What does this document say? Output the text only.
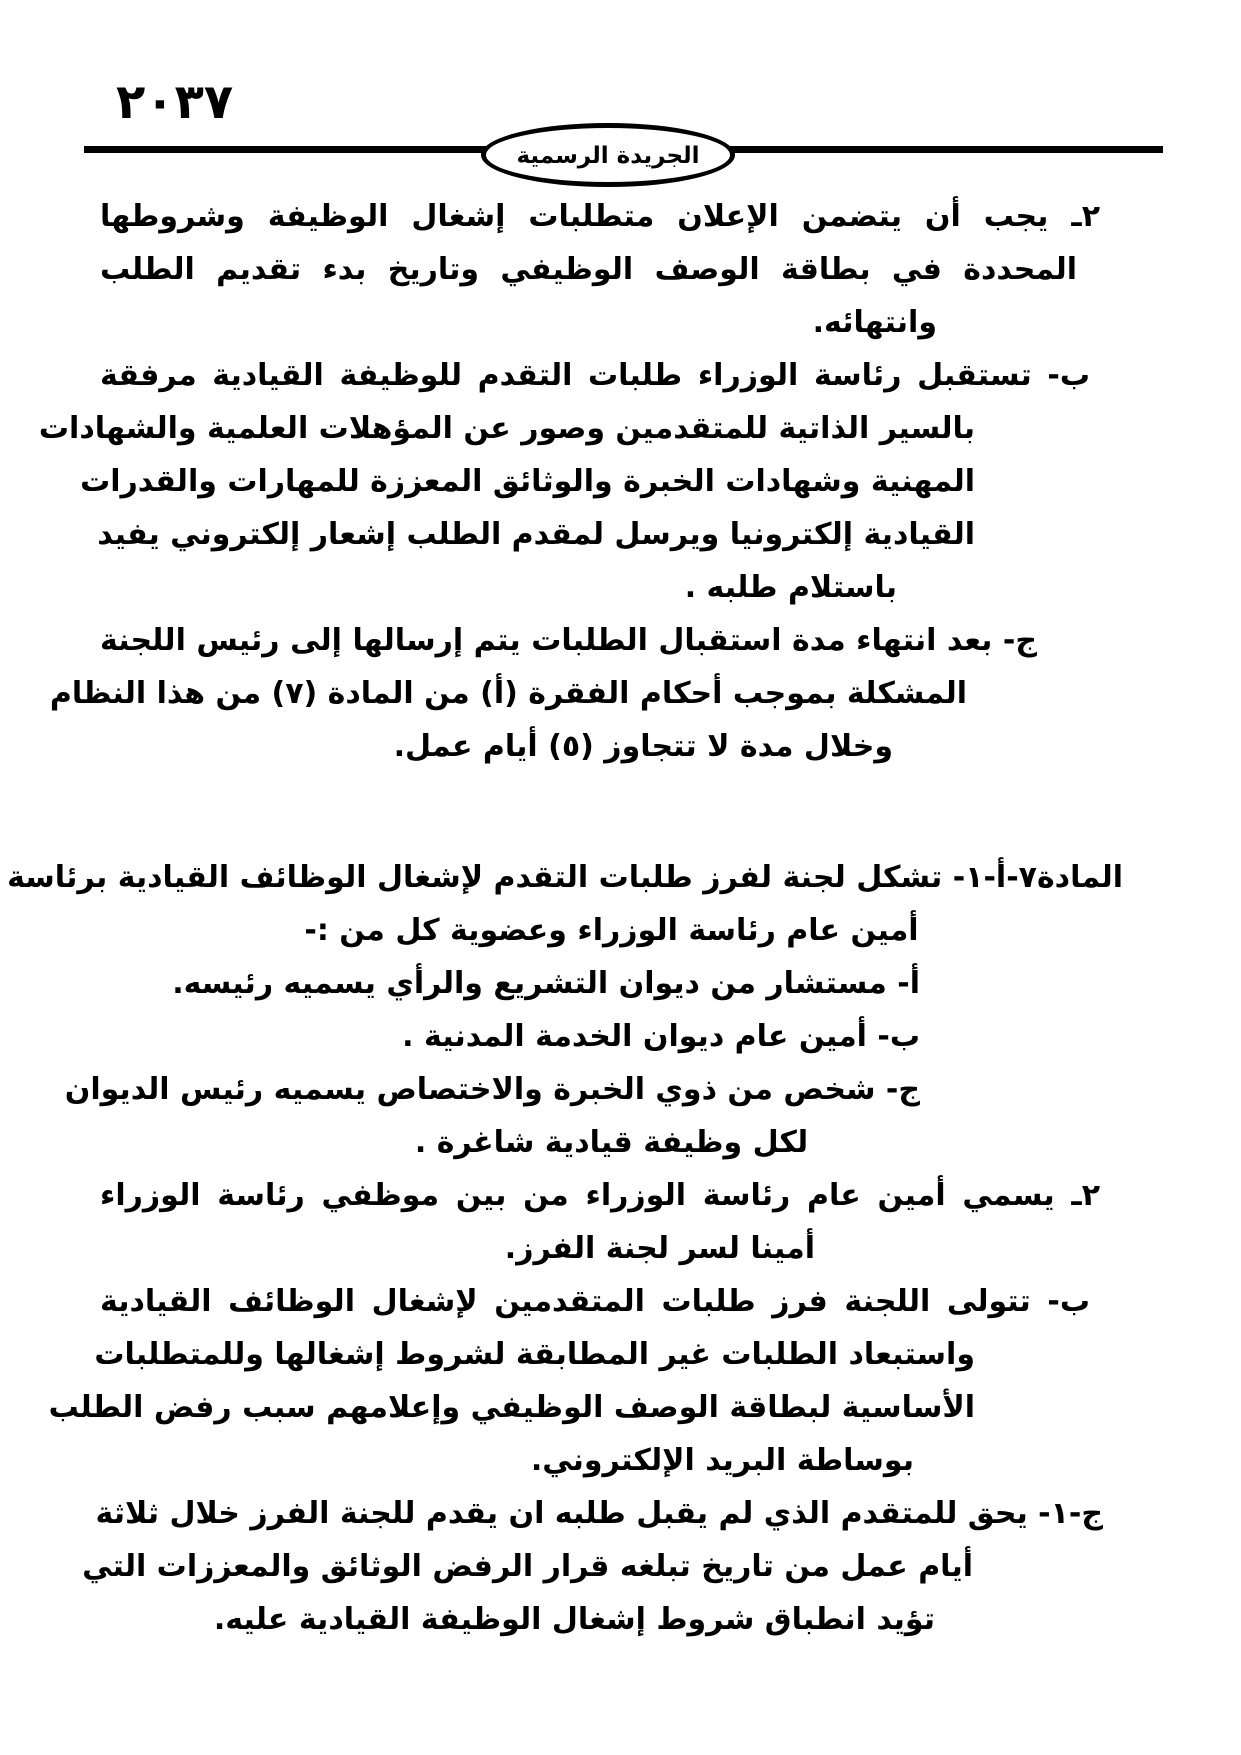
٢٠٣٧
الجريدة الرسمية
٢ـ يجب أن يتضمن الإعلان متطلبات إشغال الوظيفة وشروطها
المحددة في بطاقة الوصف الوظيفي وتاريخ بدء تقديم الطلب
وانتهائه.
ب- تستقبل رئاسة الوزراء طلبات التقدم للوظيفة القيادية مرفقة
بالسير الذاتية للمتقدمين وصور عن المؤهلات العلمية والشهادات
المهنية وشهادات الخبرة والوثائق المعززة للمهارات والقدرات
القيادية إلكترونيا ويرسل لمقدم الطلب إشعار إلكتروني يفيد
باستلام طلبه .
ج- بعد انتهاء مدة استقبال الطلبات يتم إرسالها إلى رئيس اللجنة
المشكلة بموجب أحكام الفقرة (أ) من المادة (٧) من هذا النظام
وخلال مدة لا تتجاوز (٥) أيام عمل.
المادة٧-أ-١- تشكل لجنة لفرز طلبات التقدم لإشغال الوظائف القيادية برئاسة
أمين عام رئاسة الوزراء وعضوية كل من :-
أ- مستشار من ديوان التشريع والرأي يسميه رئيسه.
ب- أمين عام ديوان الخدمة المدنية .
ج- شخص من ذوي الخبرة والاختصاص يسميه رئيس الديوان
لكل وظيفة قيادية شاغرة .
٢ـ يسمي أمين عام رئاسة الوزراء من بين موظفي رئاسة الوزراء
أمينا لسر لجنة الفرز.
ب- تتولى اللجنة فرز طلبات المتقدمين لإشغال الوظائف القيادية
واستبعاد الطلبات غير المطابقة لشروط إشغالها وللمتطلبات
الأساسية لبطاقة الوصف الوظيفي وإعلامهم سبب رفض الطلب
بوساطة البريد الإلكتروني.
ج-١- يحق للمتقدم الذي لم يقبل طلبه ان يقدم للجنة الفرز خلال ثلاثة
أيام عمل من تاريخ تبلغه قرار الرفض الوثائق والمعززات التي
تؤيد انطباق شروط إشغال الوظيفة القيادية عليه.
